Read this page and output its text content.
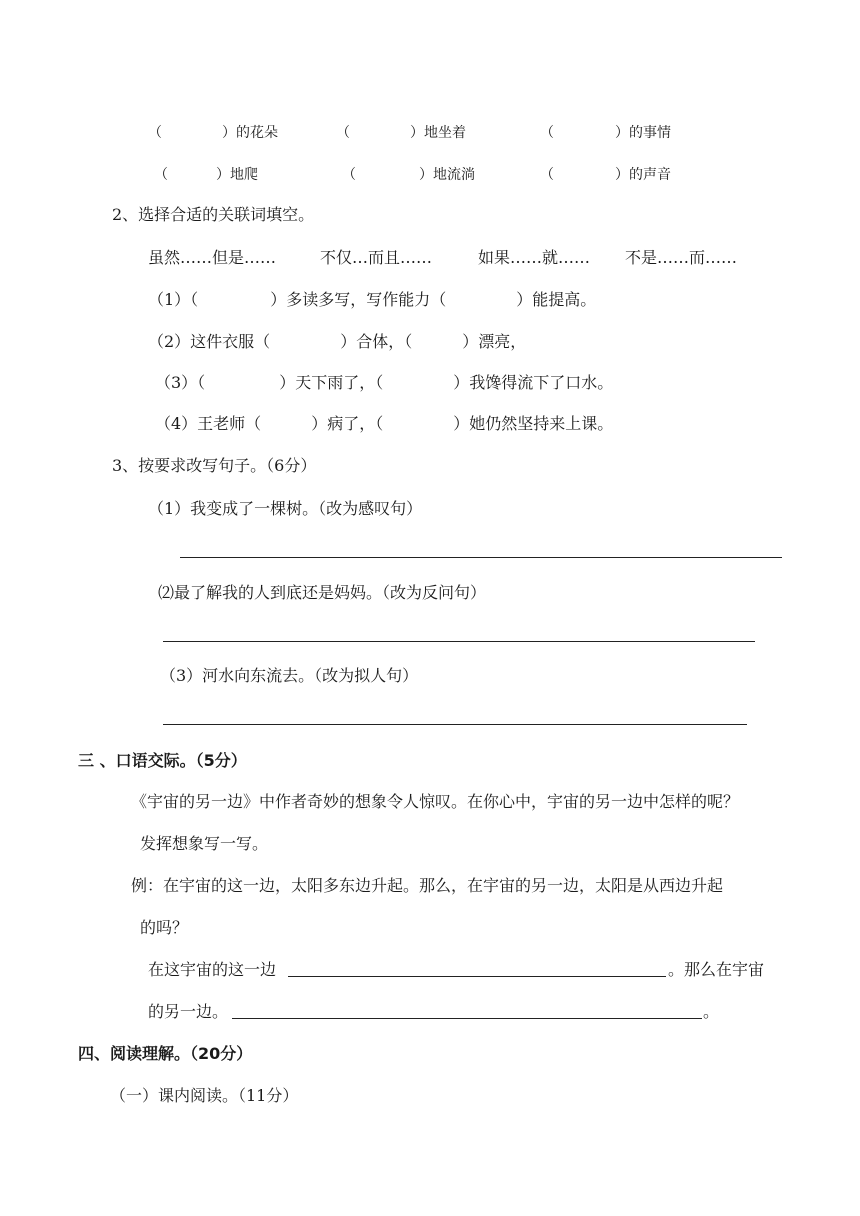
（	）的花朵	（	）地坐着	（	）的事情
（	）地爬	（	）地流淌	（	）的声音
2、选择合适的关联词填空。
虽然……但是……	不仅…而且……	如果……就…… 不是……而……
（1）（	）多读多写，写作能力（	）能提高。
（2）这件衣服（	）合体，（	）漂亮，
（3）（	）天下雨了，（	）我馋得流下了口水。
（4）王老师（	）病了，（	）她仍然坚持来上课。
3、按要求改写句子。（6分）
（1）我变成了一棵树。（改为感叹句）
⑵最了解我的人到底还是妈妈。（改为反问句）
（3）河水向东流去。（改为拟人句）
三 、口语交际。（5分）
《宇宙的另一边》中作者奇妙的想象令人惊叹。在你心中，宇宙的另一边中怎样的呢？
发挥想象写一写。
例：在宇宙的这一边，太阳多东边升起。那么，在宇宙的另一边，太阳是从西边升起
的吗？
在这宇宙的这一边	。那么在宇宙
的另一边。	。
四、阅读理解。（20分）
（一）课内阅读。（11分）
